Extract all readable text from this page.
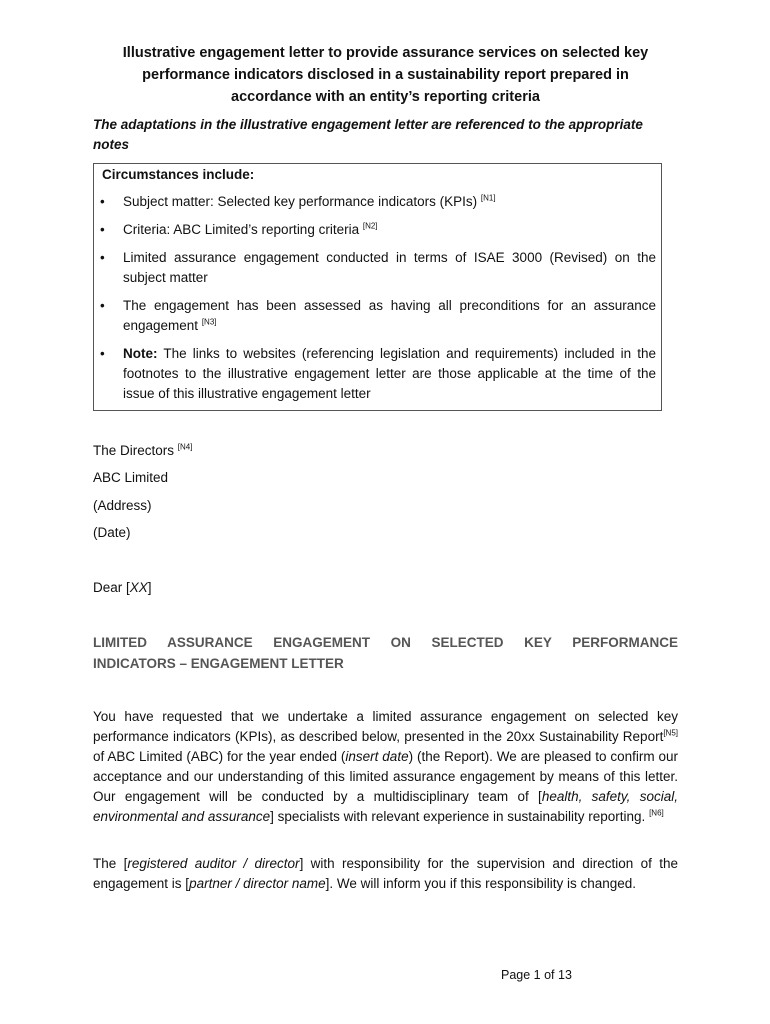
Illustrative engagement letter to provide assurance services on selected key
performance indicators disclosed in a sustainability report prepared in
accordance with an entity’s reporting criteria
The adaptations in the illustrative engagement letter are referenced to the appropriate notes
Circumstances include:
• Subject matter: Selected key performance indicators (KPIs) [N1]
• Criteria: ABC Limited’s reporting criteria [N2]
• Limited assurance engagement conducted in terms of ISAE 3000 (Revised) on the subject matter
• The engagement has been assessed as having all preconditions for an assurance engagement [N3]
• Note: The links to websites (referencing legislation and requirements) included in the footnotes to the illustrative engagement letter are those applicable at the time of the issue of this illustrative engagement letter
The Directors [N4]
ABC Limited
(Address)
(Date)
Dear [XX]
LIMITED ASSURANCE ENGAGEMENT ON SELECTED KEY PERFORMANCE
INDICATORS – ENGAGEMENT LETTER
You have requested that we undertake a limited assurance engagement on selected key performance indicators (KPIs), as described below, presented in the 20xx Sustainability Report[N5] of ABC Limited (ABC) for the year ended (insert date) (the Report). We are pleased to confirm our acceptance and our understanding of this limited assurance engagement by means of this letter. Our engagement will be conducted by a multidisciplinary team of [health, safety, social, environmental and assurance] specialists with relevant experience in sustainability reporting. [N6]
The [registered auditor / director] with responsibility for the supervision and direction of the engagement is [partner / director name]. We will inform you if this responsibility is changed.
Page 1 of 13
